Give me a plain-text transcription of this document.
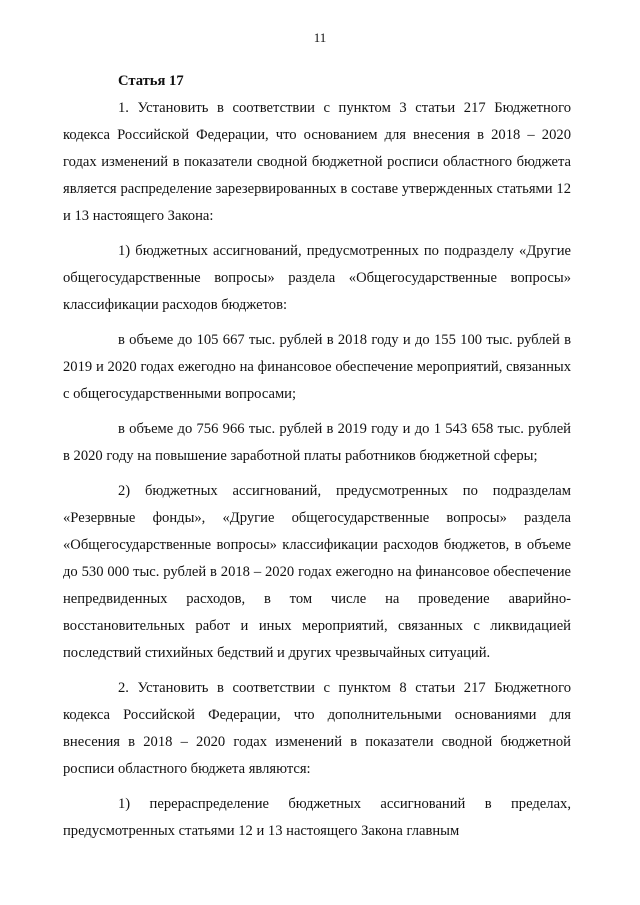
11

Статья 17

1. Установить в соответствии с пунктом 3 статьи 217 Бюджетного кодекса Российской Федерации, что основанием для внесения в 2018 – 2020 годах изменений в показатели сводной бюджетной росписи областного бюджета является распределение зарезервированных в составе утвержденных статьями 12 и 13 настоящего Закона:

1) бюджетных ассигнований, предусмотренных по подразделу «Другие общегосударственные вопросы» раздела «Общегосударственные вопросы» классификации расходов бюджетов:

в объеме до 105 667 тыс. рублей в 2018 году и до 155 100 тыс. рублей в 2019 и 2020 годах ежегодно на финансовое обеспечение мероприятий, связанных с общегосударственными вопросами;

в объеме до 756 966 тыс. рублей в 2019 году и до 1 543 658 тыс. рублей в 2020 году на повышение заработной платы работников бюджетной сферы;

2) бюджетных ассигнований, предусмотренных по подразделам «Резервные фонды», «Другие общегосударственные вопросы» раздела «Общегосударственные вопросы» классификации расходов бюджетов, в объеме до 530 000 тыс. рублей в 2018 – 2020 годах ежегодно на финансовое обеспечение непредвиденных расходов, в том числе на проведение аварийно-восстановительных работ и иных мероприятий, связанных с ликвидацией последствий стихийных бедствий и других чрезвычайных ситуаций.

2. Установить в соответствии с пунктом 8 статьи 217 Бюджетного кодекса Российской Федерации, что дополнительными основаниями для внесения в 2018 – 2020 годах изменений в показатели сводной бюджетной росписи областного бюджета являются:

1) перераспределение бюджетных ассигнований в пределах, предусмотренных статьями 12 и 13 настоящего Закона главным
